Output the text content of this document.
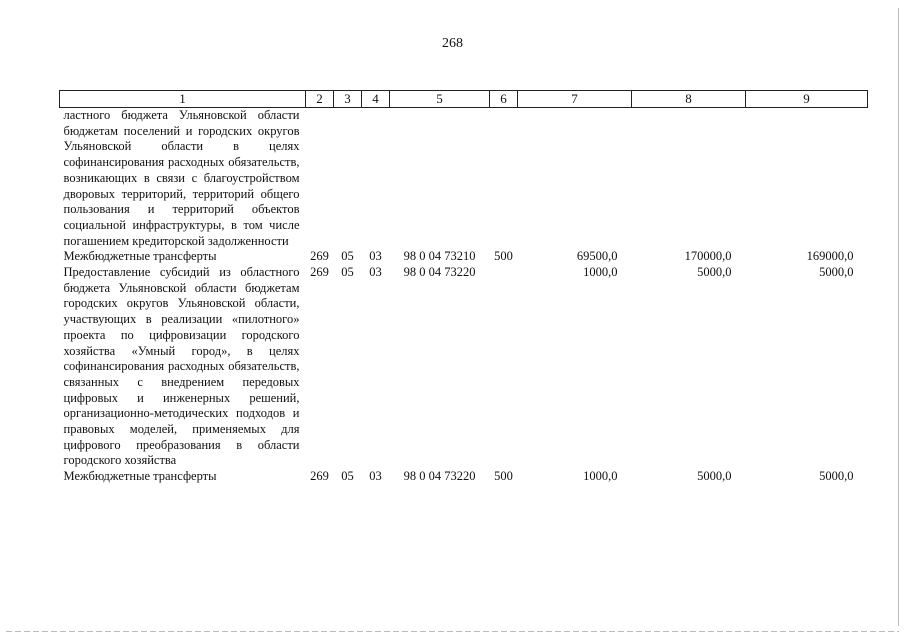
268
1	2	3	4	5	6	7	8	9
ластного бюджета Ульяновской области бюджетам поселений и городских округов Ульяновской области в целях софинансирования расходных обязательств, возникающих в связи с благоустройством дворовых территорий, территорий общего пользования и территорий объектов социальной инфраструктуры, в том числе погашением кредиторской задолженности								
Межбюджетные трансферты	269	05	03	98 0 04 73210	500	69500,0	170000,0	169000,0
Предоставление субсидий из областного бюджета Ульяновской области бюджетам городских округов Ульяновской области, участвующих в реализации «пилотного» проекта по цифровизации городского хозяйства «Умный город», в целях софинансирования расходных обязательств, связанных с внедрением передовых цифровых и инженерных решений, организационно-методических подходов и правовых моделей, применяемых для цифрового преобразования в области городского хозяйства	269	05	03	98 0 04 73220		1000,0	5000,0	5000,0
Межбюджетные трансферты	269	05	03	98 0 04 73220	500	1000,0	5000,0	5000,0
